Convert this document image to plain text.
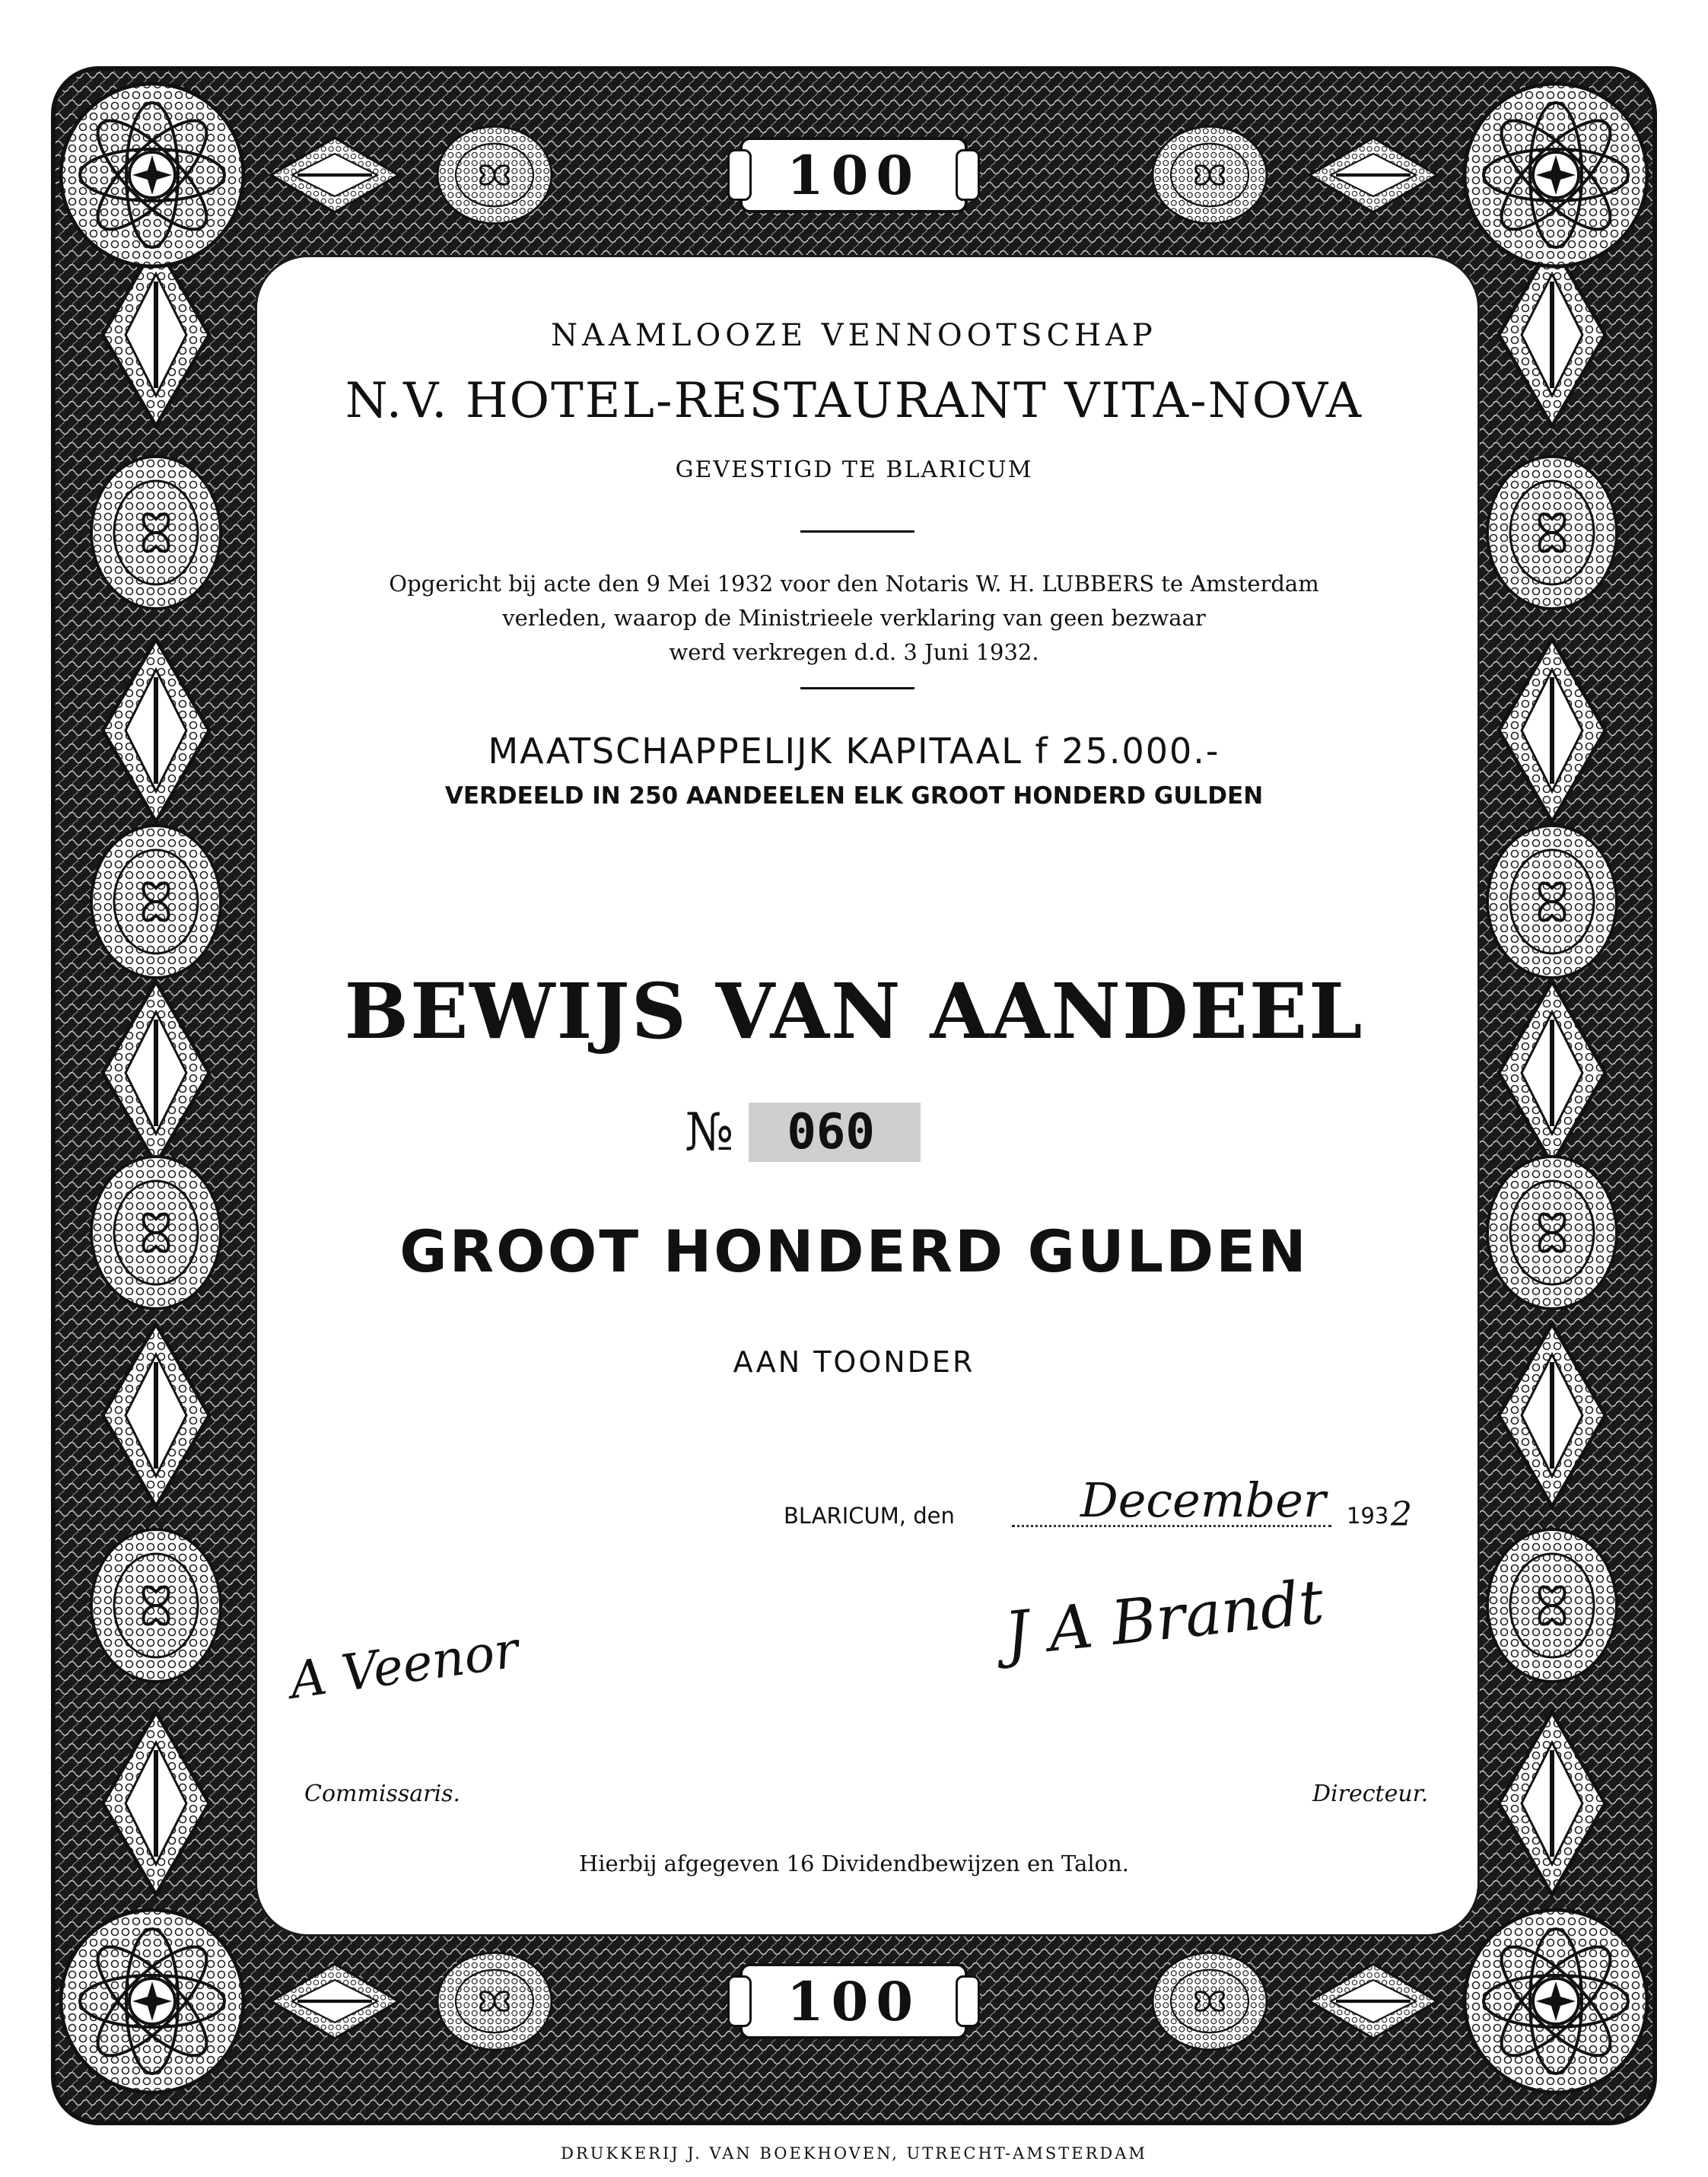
100
100
NAAMLOOZE VENNOOTSCHAP
N.V. HOTEL-RESTAURANT VITA-NOVA
GEVESTIGD TE BLARICUM
Opgericht bij acte den 9 Mei 1932 voor den Notaris W. H. LUBBERS te Amsterdam
verleden, waarop de Ministrieele verklaring van geen bezwaar
werd verkregen d.d. 3 Juni 1932.
MAATSCHAPPELIJK KAPITAAL f 25.000.-
VERDEELD IN 250 AANDEELEN ELK GROOT HONDERD GULDEN
BEWIJS VAN AANDEEL
№	060
GROOT HONDERD GULDEN
AAN TOONDER
BLARICUM, den	December 193 2
A Veenor	J A Brandt
Commissaris.	Directeur.
Hierbij afgegeven 16 Dividendbewijzen en Talon.
DRUKKERIJ J. VAN BOEKHOVEN, UTRECHT-AMSTERDAM
